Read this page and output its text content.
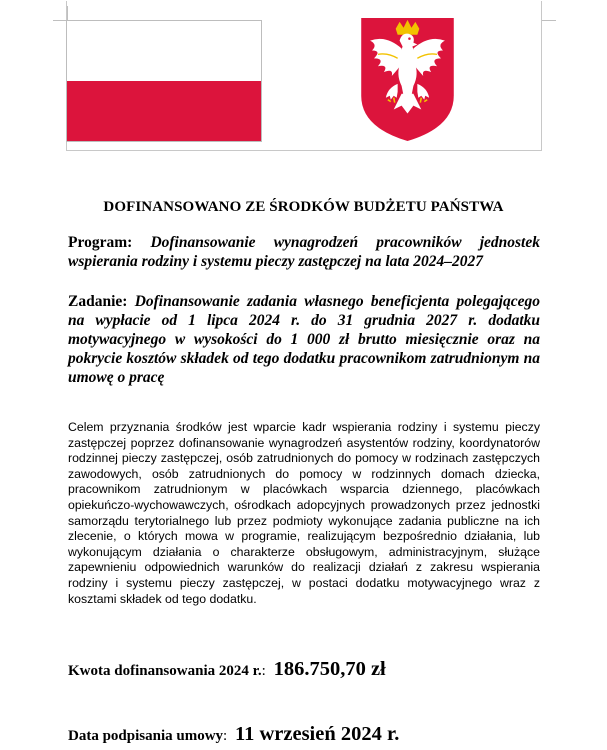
DOFINANSOWANO ZE ŚRODKÓW BUDŻETU PAŃSTWA

Program: Dofinansowanie wynagrodzeń pracowników jednostek wspierania rodziny i systemu pieczy zastępczej na lata 2024–2027

Zadanie: Dofinansowanie zadania własnego beneficjenta polegającego na wypłacie od 1 lipca 2024 r. do 31 grudnia 2027 r. dodatku motywacyjnego w wysokości do 1 000 zł brutto miesięcznie oraz na pokrycie kosztów składek od tego dodatku pracownikom zatrudnionym na umowę o pracę

Celem przyznania środków jest wparcie kadr wspierania rodziny i systemu pieczy zastępczej poprzez dofinansowanie wynagrodzeń asystentów rodziny, koordynatorów rodzinnej pieczy zastępczej, osób zatrudnionych do pomocy w rodzinach zastępczych zawodowych, osób zatrudnionych do pomocy w rodzinnych domach dziecka, pracownikom zatrudnionym w placówkach wsparcia dziennego, placówkach opiekuńczo-wychowawczych, ośrodkach adopcyjnych prowadzonych przez jednostki samorządu terytorialnego lub przez podmioty wykonujące zadania publiczne na ich zlecenie, o których mowa w programie, realizującym bezpośrednio działania, lub wykonującym działania o charakterze obsługowym, administracyjnym, służące zapewnieniu odpowiednich warunków do realizacji działań z zakresu wspierania rodziny i systemu pieczy zastępczej, w postaci dodatku motywacyjnego wraz z kosztami składek od tego dodatku.

Kwota dofinansowania 2024 r.: 186.750,70 zł

Data podpisania umowy: 11 wrzesień 2024 r.
